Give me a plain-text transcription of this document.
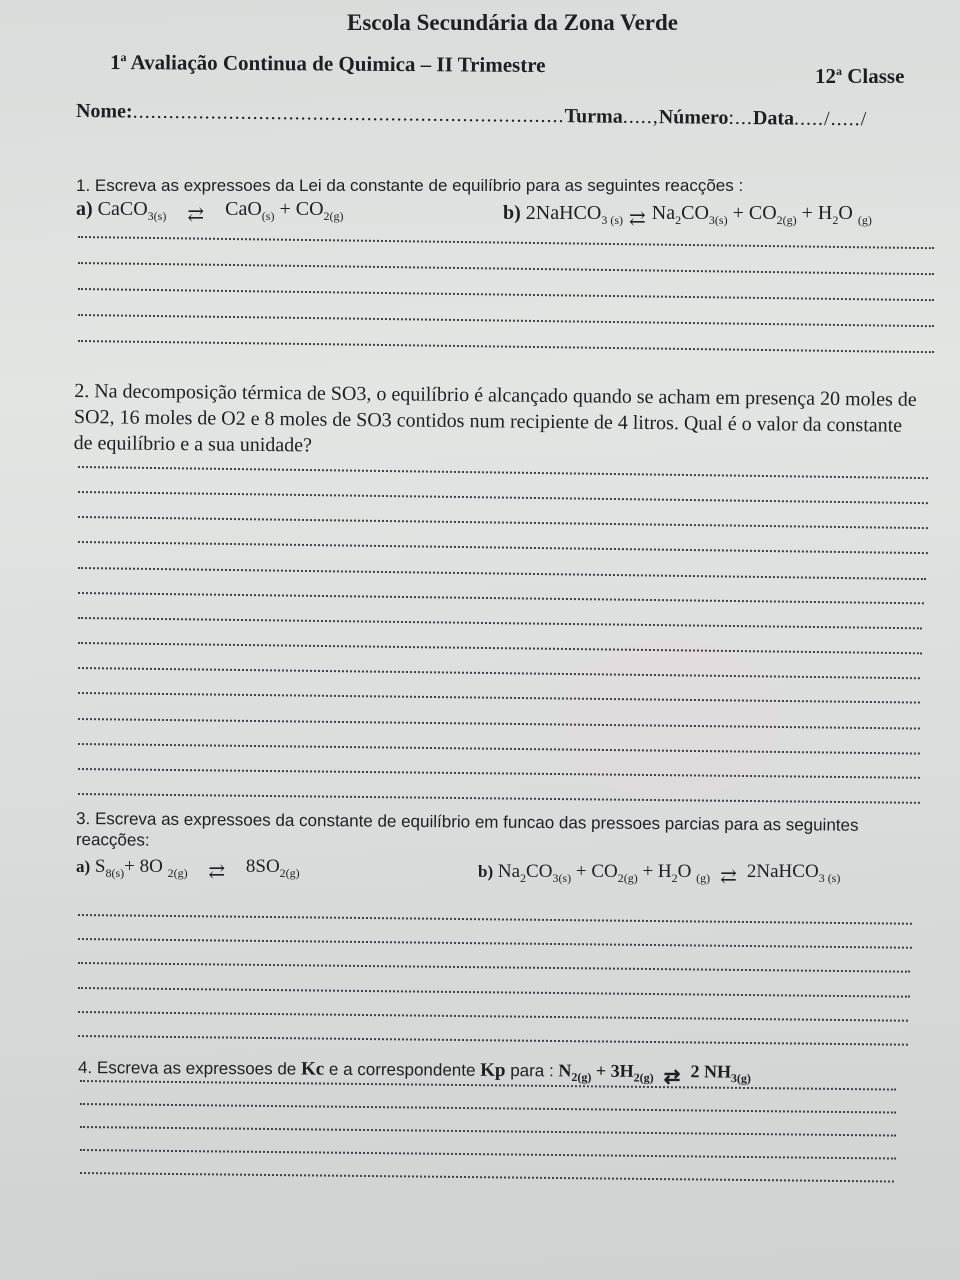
Escola Secundária da Zona Verde
1$^a$ Avaliação Continua de Quimica – II Trimestre	12$^a$ Classe
Nome:........................................................................Turma.....,Número:...Data...../...../
1. Escreva as expressoes da Lei da constante de equilíbrio para as seguintes reacções :
a) CaCO$_{3(s)}$ ⇄ $CaO_{(s)} + CO_{2(g)}$	b) 2NaHCO$_{3 (s)}$ ⇄ $Na_2CO_{3(s)} + CO_{2(g)} + H_2O$ $_{(g)}$
2. Na decomposição térmica de SO3, o equilíbrio é alcançado quando se acham em presença 20 moles de SO2, 16 moles de O2 e 8 moles de SO3 contidos num recipiente de 4 litros. Qual é o valor da constante de equilíbrio e a sua unidade?
3. Escreva as expressoes da constante de equilíbrio em funcao das pressoes parcias para as seguintes reacções:
a) $S_{8(s)}+ 8O$ $_{2(g)}$ ⇄ $8SO_{2(g)}$	b) $Na_2CO_{3(s)} + CO_{2(g)} + H_2O$ $_{(g)}$ ⇄ 2NaHCO$_{3 (s)}$
4. Escreva as expressoes de Kc e a correspondente Kp para : $N_{2(g)} + 3H_{2(g)}$ ⇄ 2 $NH_{3(g)}$
